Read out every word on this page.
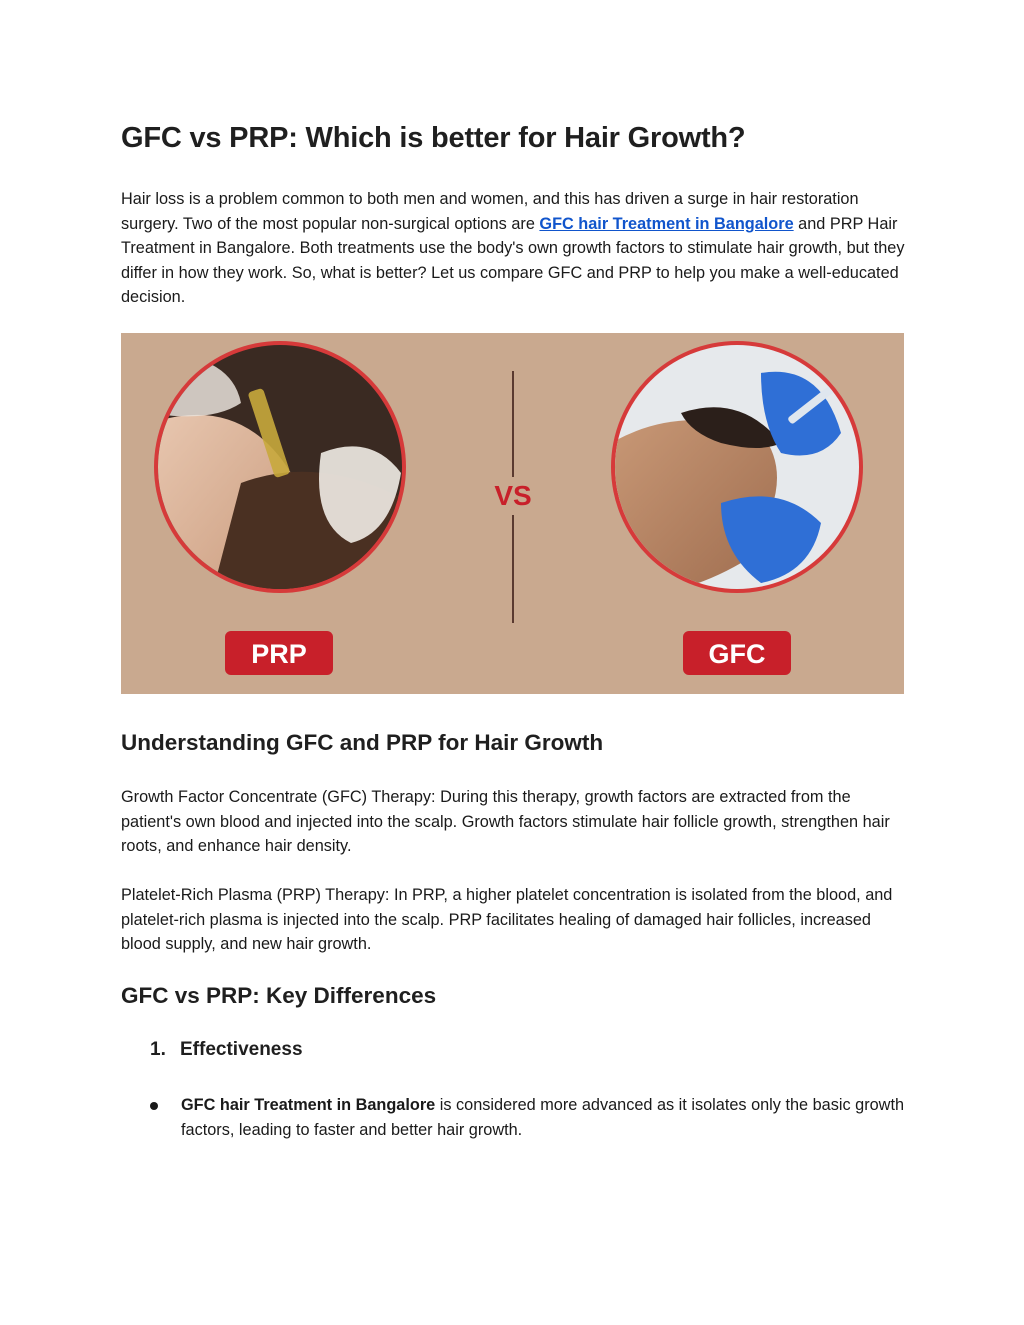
GFC vs PRP: Which is better for Hair Growth?

Hair loss is a problem common to both men and women, and this has driven a surge in hair restoration surgery. Two of the most popular non-surgical options are GFC hair Treatment in Bangalore and PRP Hair Treatment in Bangalore. Both treatments use the body's own growth factors to stimulate hair growth, but they differ in how they work. So, what is better? Let us compare GFC and PRP to help you make a well-educated decision.

VS
PRP	GFC
Understanding GFC and PRP for Hair Growth

Growth Factor Concentrate (GFC) Therapy: During this therapy, growth factors are extracted from the patient's own blood and injected into the scalp. Growth factors stimulate hair follicle growth, strengthen hair roots, and enhance hair density.

Platelet-Rich Plasma (PRP) Therapy: In PRP, a higher platelet concentration is isolated from the blood, and platelet-rich plasma is injected into the scalp. PRP facilitates healing of damaged hair follicles, increased blood supply, and new hair growth.

GFC vs PRP: Key Differences
1. Effectiveness

GFC hair Treatment in Bangalore is considered more advanced as it isolates only the basic growth factors, leading to faster and better hair growth.
